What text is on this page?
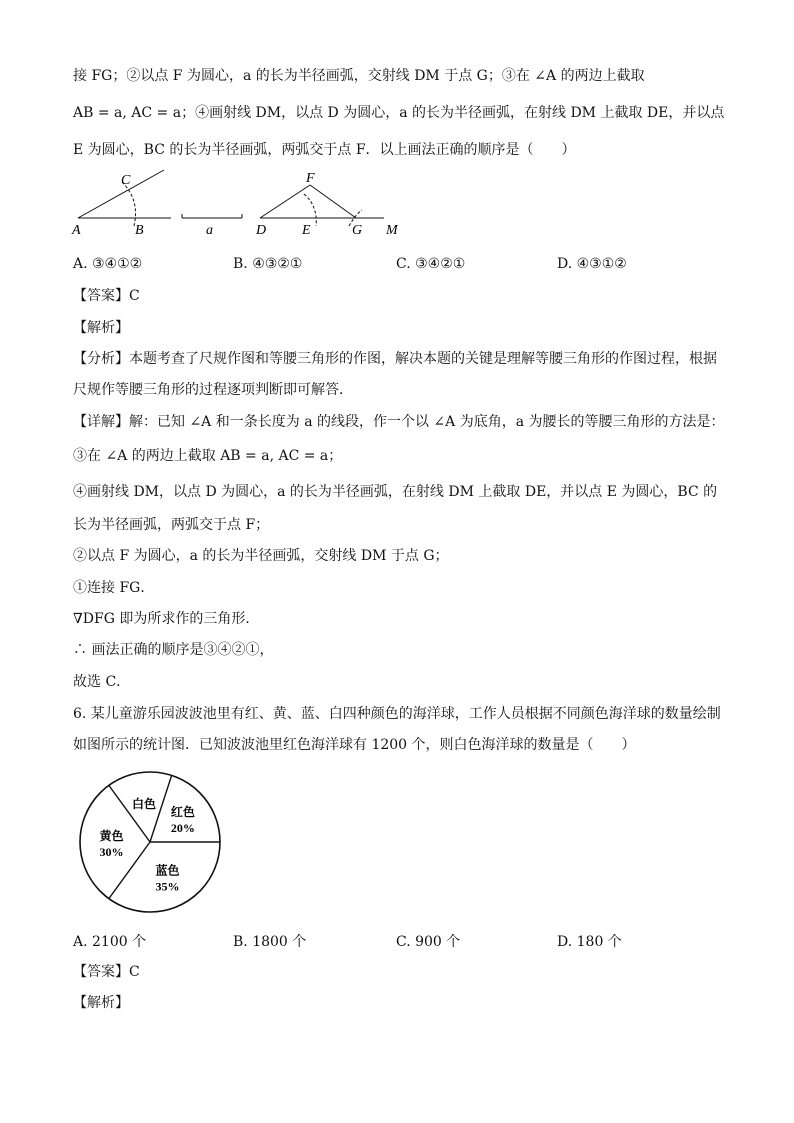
接 FG；②以点 F 为圆心，a 的长为半径画弧，交射线 DM 于点 G；③在 ∠A 的两边上截取
AB = a, AC = a；④画射线 DM，以点 D 为圆心，a 的长为半径画弧，在射线 DM 上截取 DE，并以点
E 为圆心，BC 的长为半径画弧，两弧交于点 F．以上画法正确的顺序是（　　）
C
A	B	a
F
D	E	G M
A. ③④①②	B. ④③②①	C. ③④②①	D. ④③①②
【答案】C
【解析】
【分析】本题考查了尺规作图和等腰三角形的作图，解决本题的关键是理解等腰三角形的作图过程，根据
尺规作等腰三角形的过程逐项判断即可解答．
【详解】解：已知 ∠A 和一条长度为 a 的线段，作一个以 ∠A 为底角，a 为腰长的等腰三角形的方法是：
③在 ∠A 的两边上截取 AB = a, AC = a；
④画射线 DM，以点 D 为圆心，a 的长为半径画弧，在射线 DM 上截取 DE，并以点 E 为圆心，BC 的
长为半径画弧，两弧交于点 F；
②以点 F 为圆心，a 的长为半径画弧，交射线 DM 于点 G；
①连接 FG．
∇DFG 即为所求作的三角形．
∴ 画法正确的顺序是③④②①，
故选 C．
6. 某儿童游乐园波波池里有红、黄、蓝、白四种颜色的海洋球，工作人员根据不同颜色海洋球的数量绘制
如图所示的统计图．已知波波池里红色海洋球有 1200 个，则白色海洋球的数量是（　　）
白色
红色
20%
蓝色
35%
黄色
30%
A. 2100 个	B. 1800 个	C. 900 个	D. 180 个
【答案】C
【解析】
